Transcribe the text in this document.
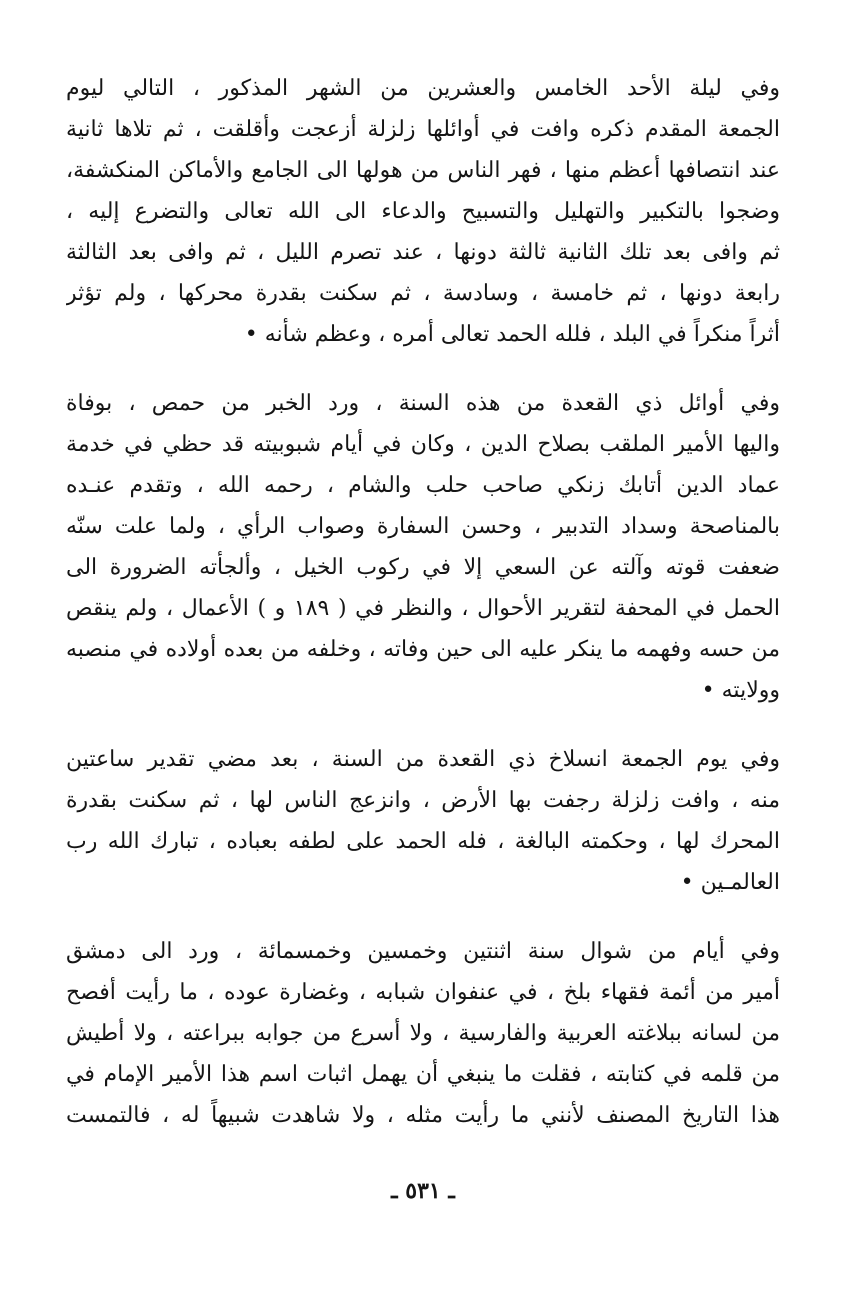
وفي ليلة الأحد الخامس والعشرين من الشهر المذكور ، التالي ليوم
الجمعة المقدم ذكره وافت في أوائلها زلزلة أزعجت وأقلقت ، ثم تلاها ثانية
عند انتصافها أعظم منها ، فهر الناس من هولها الى الجامع والأماكن المنكشفة،
وضجوا بالتكبير والتهليل والتسبيح والدعاء الى الله تعالى والتضرع إليه ،
ثم وافى بعد تلك الثانية ثالثة دونها ، عند تصرم الليل ، ثم وافى بعد الثالثة
رابعة دونها ، ثم خامسة ، وسادسة ، ثم سكنت بقدرة محركها ، ولم تؤثر
أثراً منكراً في البلد ، فلله الحمد تعالى أمره ، وعظم شأنه •
وفي أوائل ذي القعدة من هذه السنة ، ورد الخبر من حمص ، بوفاة
واليها الأمير الملقب بصلاح الدين ، وكان في أيام شبوبيته قد حظي في خدمة
عماد الدين أتابك زنكي صاحب حلب والشام ، رحمه الله ، وتقدم عنـده
بالمناصحة وسداد التدبير ، وحسن السفارة وصواب الرأي ، ولما علت سنّه
ضعفت قوته وآلته عن السعي إلا في ركوب الخيل ، وألجأته الضرورة الى
الحمل في المحفة لتقرير الأحوال ، والنظر في ( ١٨٩ و ) الأعمال ، ولم ينقص
من حسه وفهمه ما ينكر عليه الى حين وفاته ، وخلفه من بعده أولاده في منصبه
وولايته •
وفي يوم الجمعة انسلاخ ذي القعدة من السنة ، بعد مضي تقدير ساعتين
منه ، وافت زلزلة رجفت بها الأرض ، وانزعج الناس لها ، ثم سكنت بقدرة
المحرك لها ، وحكمته البالغة ، فله الحمد على لطفه بعباده ، تبارك الله رب
العالمـين •
وفي أيام من شوال سنة اثنتين وخمسين وخمسمائة ، ورد الى دمشق
أمير من أئمة فقهاء بلخ ، في عنفوان شبابه ، وغضارة عوده ، ما رأيت أفصح
من لسانه ببلاغته العربية والفارسية ، ولا أسرع من جوابه ببراعته ، ولا أطيش
من قلمه في كتابته ، فقلت ما ينبغي أن يهمل اثبات اسم هذا الأمير الإمام في
هذا التاريخ المصنف لأنني ما رأيت مثله ، ولا شاهدت شبيهاً له ، فالتمست
ـ ٥٣١ ـ
